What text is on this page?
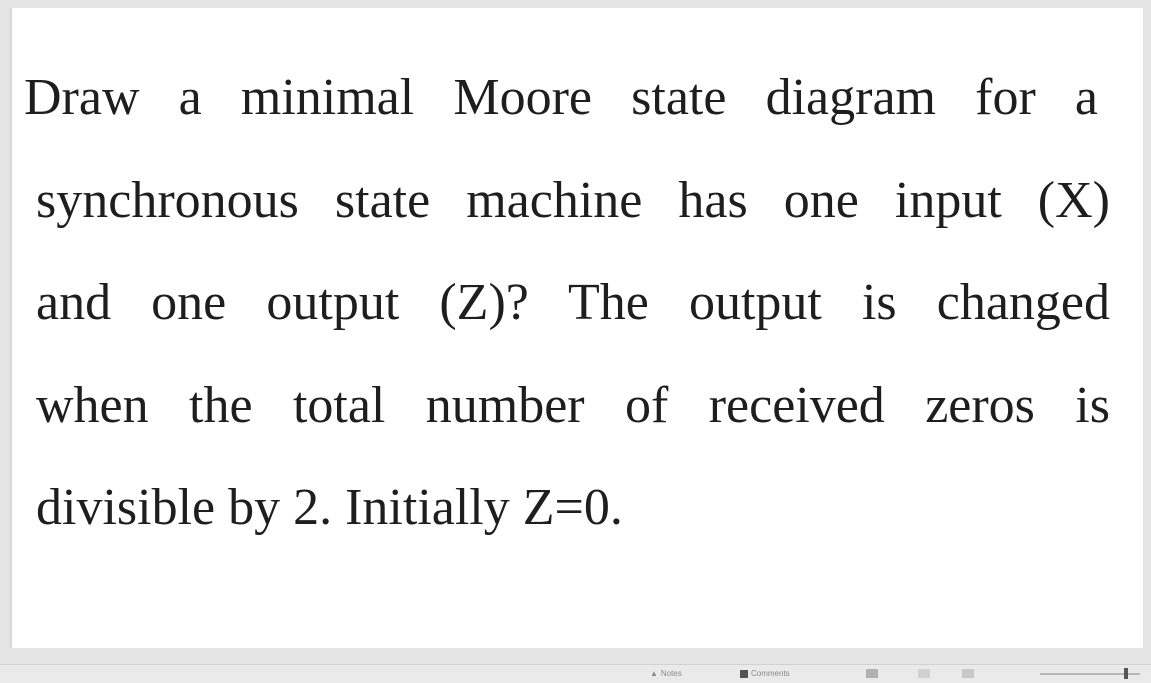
Draw a minimal Moore state diagram for a
synchronous state machine has one input (X)
and one output (Z)? The output is changed
when the total number of received zeros is
divisible by 2. Initially Z=0.
▲ Notes	Comments
